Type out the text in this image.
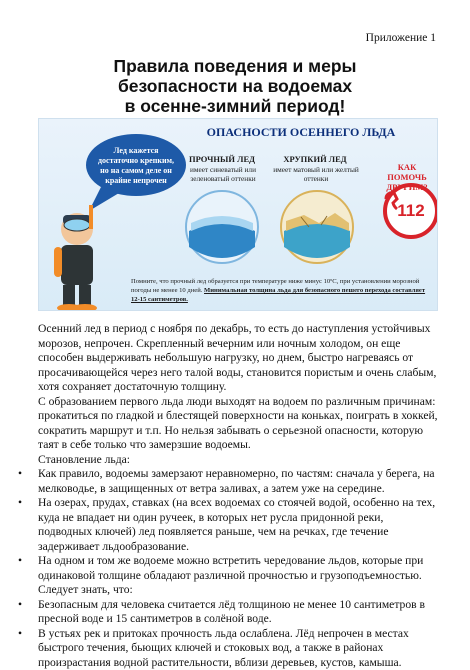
Приложение 1
Правила поведения и меры
безопасности на водоемах
в осенне-зимний период!
Лед кажется достаточно крепким, но на самом деле он крайне непрочен
ОПАСНОСТИ ОСЕННЕГО ЛЬДА
ПРОЧНЫЙ ЛЕД
имеет синеватый или зеленоватый оттенки
ХРУПКИЙ ЛЕД
имеет матовый или желтый оттенки
КАК ПОМОЧЬ ДРУГИМ?
112
Помните, что прочный лед образуется при температуре ниже минус 10ºС, при установлении морозной погоды не менее 10 дней. Минимальная толщина льда для безопасного пешего перехода составляет 12-15 сантиметров.

Осенний лед в период с ноября по декабрь, то есть до наступления устойчивых морозов, непрочен. Скрепленный вечерним или ночным холодом, он еще способен выдерживать небольшую нагрузку, но днем, быстро нагреваясь от просачивающейся через него талой воды, становится пористым и очень слабым, хотя сохраняет достаточную толщину.

С образованием первого льда люди выходят на водоем по различным причинам: прокатиться по гладкой и блестящей поверхности на коньках, поиграть в хоккей, сократить маршрут и т.п. Но нельзя забывать о серьезной опасности, которую таят в себе только что замерзшие водоемы.

Становление льда:

• Как правило, водоемы замерзают неравномерно, по частям: сначала у берега, на мелководье, в защищенных от ветра заливах, а затем уже на середине.
• На озерах, прудах, ставках (на всех водоемах со стоячей водой, особенно на тех, куда не впадает ни один ручеек, в которых нет русла придонной реки, подводных ключей) лед появляется раньше, чем на речках, где течение задерживает льдообразование.
• На одном и том же водоеме можно встретить чередование льдов, которые при одинаковой толщине обладают различной прочностью и грузоподъемностью.

Следует знать, что:

• Безопасным для человека считается лёд толщиною не менее 10 сантиметров в пресной воде и 15 сантиметров в солёной воде.
• В устьях рек и притоках прочность льда ослаблена. Лёд непрочен в местах быстрого течения, бьющих ключей и стоковых вод, а также в районах произрастания водной растительности, вблизи деревьев, кустов, камыша.
